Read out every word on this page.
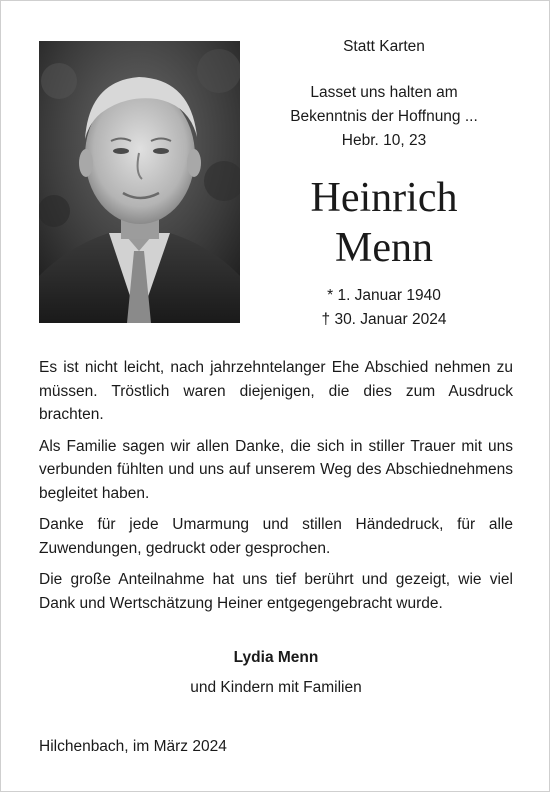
Statt Karten
Lasset uns halten am
Bekenntnis der Hoffnung ...
Hebr. 10, 23
Heinrich
Menn
* 1. Januar 1940
† 30. Januar 2024

Es ist nicht leicht, nach jahrzehntelanger Ehe Abschied nehmen zu müssen. Tröstlich waren diejenigen, die dies zum Ausdruck brachten.

Als Familie sagen wir allen Danke, die sich in stiller Trauer mit uns verbunden fühlten und uns auf unserem Weg des Abschiednehmens begleitet haben.

Danke für jede Umarmung und stillen Händedruck, für alle Zuwendungen, gedruckt oder gesprochen.

Die große Anteilnahme hat uns tief berührt und gezeigt, wie viel Dank und Wertschätzung Heiner entgegengebracht wurde.

Lydia Menn
und Kindern mit Familien
Hilchenbach, im März 2024
